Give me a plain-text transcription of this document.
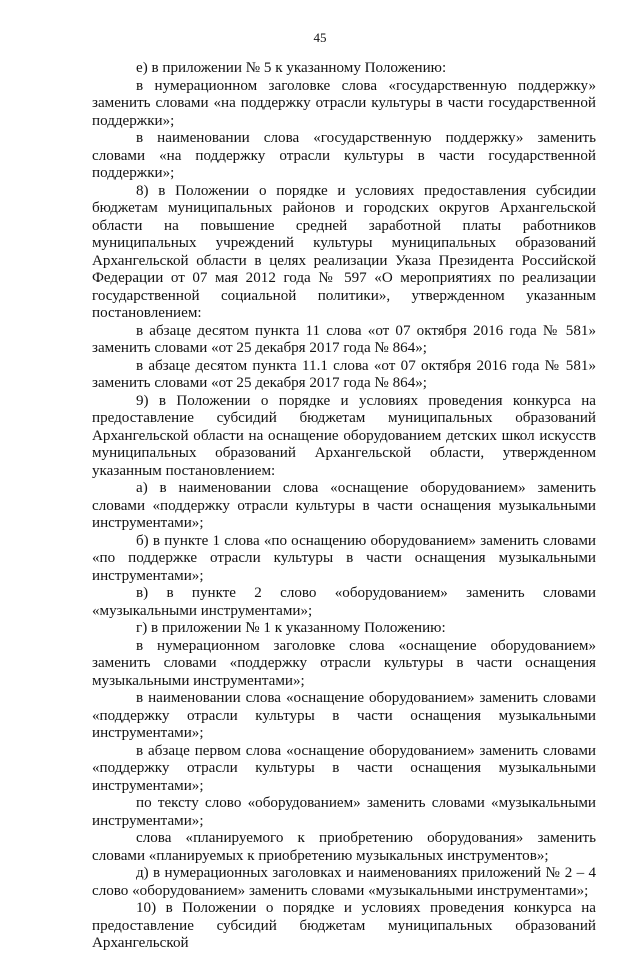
45

е) в приложении № 5 к указанному Положению:

в нумерационном заголовке слова «государственную поддержку» заменить словами «на поддержку отрасли культуры в части государственной поддержки»;

в наименовании слова «государственную поддержку» заменить словами «на поддержку отрасли культуры в части государственной поддержки»;

8) в Положении о порядке и условиях предоставления субсидии бюджетам муниципальных районов и городских округов Архангельской области на повышение средней заработной платы работников муниципальных учреждений культуры муниципальных образований Архангельской области в целях реализации Указа Президента Российской Федерации от 07 мая 2012 года № 597 «О мероприятиях по реализации государственной социальной политики», утвержденном указанным постановлением:

в абзаце десятом пункта 11 слова «от 07 октября 2016 года № 581» заменить словами «от 25 декабря 2017 года № 864»;

в абзаце десятом пункта 11.1 слова «от 07 октября 2016 года № 581» заменить словами «от 25 декабря 2017 года № 864»;

9) в Положении о порядке и условиях проведения конкурса на предоставление субсидий бюджетам муниципальных образований Архангельской области на оснащение оборудованием детских школ искусств муниципальных образований Архангельской области, утвержденном указанным постановлением:

а) в наименовании слова «оснащение оборудованием» заменить словами «поддержку отрасли культуры в части оснащения музыкальными инструментами»;

б) в пункте 1 слова «по оснащению оборудованием» заменить словами «по поддержке отрасли культуры в части оснащения музыкальными инструментами»;

в) в пункте 2 слово «оборудованием» заменить словами «музыкальными инструментами»;

г) в приложении № 1 к указанному Положению:

в нумерационном заголовке слова «оснащение оборудованием» заменить словами «поддержку отрасли культуры в части оснащения музыкальными инструментами»;

в наименовании слова «оснащение оборудованием» заменить словами «поддержку отрасли культуры в части оснащения музыкальными инструментами»;

в абзаце первом слова «оснащение оборудованием» заменить словами «поддержку отрасли культуры в части оснащения музыкальными инструментами»;

по тексту слово «оборудованием» заменить словами «музыкальными инструментами»;

слова «планируемого к приобретению оборудования» заменить словами «планируемых к приобретению музыкальных инструментов»;

д) в нумерационных заголовках и наименованиях приложений № 2 – 4 слово «оборудованием» заменить словами «музыкальными инструментами»;

10) в Положении о порядке и условиях проведения конкурса на предоставление субсидий бюджетам муниципальных образований Архангельской
